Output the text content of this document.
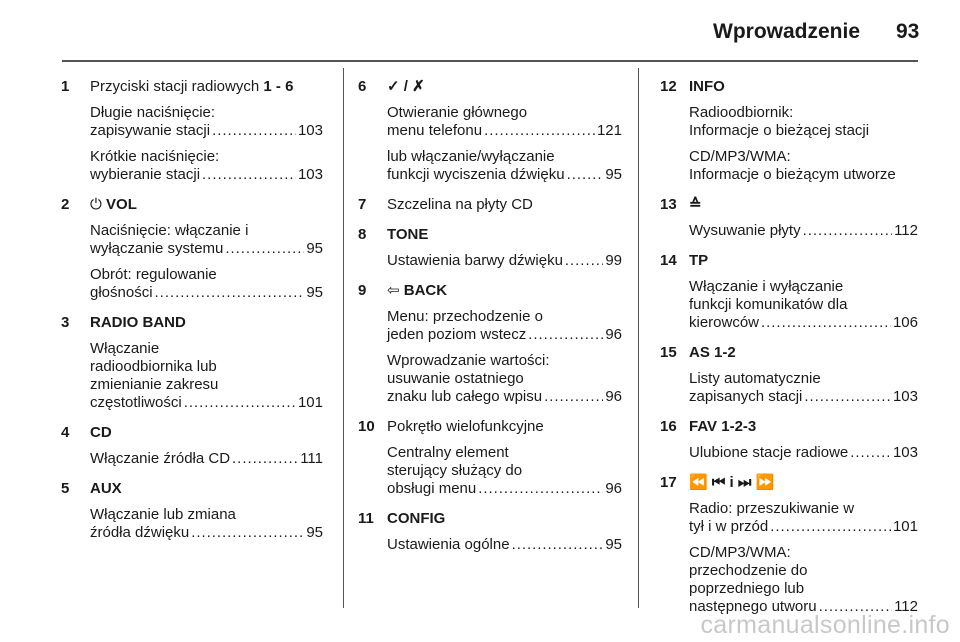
Wprowadzenie 93
1 Przyciski stacji radiowych 1 - 6
Długie naciśnięcie:
zapisywanie stacji . . .	103
Krótkie naciśnięcie:
wybieranie stacji . . .	103
2 ⏻ VOL
Naciśnięcie: włączanie i
wyłączanie systemu . . .	95
Obrót: regulowanie
głośności . . .	95
3 RADIO BAND
Włączanie
radioodbiornika lub
zmienianie zakresu
częstotliwości . . .	101
4 CD
Włączanie źródła CD . . .	111
5 AUX
Włączanie lub zmiana
źródła dźwięku . . .	95
6 ✓ / ✗
Otwieranie głównego
menu telefonu . . .	121
lub włączanie/wyłączanie
funkcji wyciszenia dźwięku . . .	95
7 Szczelina na płyty CD
8 TONE
Ustawienia barwy dźwięku . . .	99
9 ⇦ BACK
Menu: przechodzenie o
jeden poziom wstecz . . .	96
Wprowadzanie wartości:
usuwanie ostatniego
znaku lub całego wpisu . . .	96
10 Pokrętło wielofunkcyjne
Centralny element
sterujący służący do
obsługi menu . . .	96
11 CONFIG
Ustawienia ogólne . . .	95
12 INFO
Radioodbiornik:
Informacje o bieżącej stacji
CD/MP3/WMA:
Informacje o bieżącym utworze
13 ≙
Wysuwanie płyty . . .	112
14 TP
Włączanie i wyłączanie
funkcji komunikatów dla
kierowców . . .	106
15 AS 1-2
Listy automatycznie
zapisanych stacji . . .	103
16 FAV 1-2-3
Ulubione stacje radiowe . . .	103
17 ⏪ ⏮ i ⏭ ⏩
Radio: przeszukiwanie w
tył i w przód . . .	101
CD/MP3/WMA:
przechodzenie do
poprzedniego lub
następnego utworu . . .	112
carmanualsonline.info
